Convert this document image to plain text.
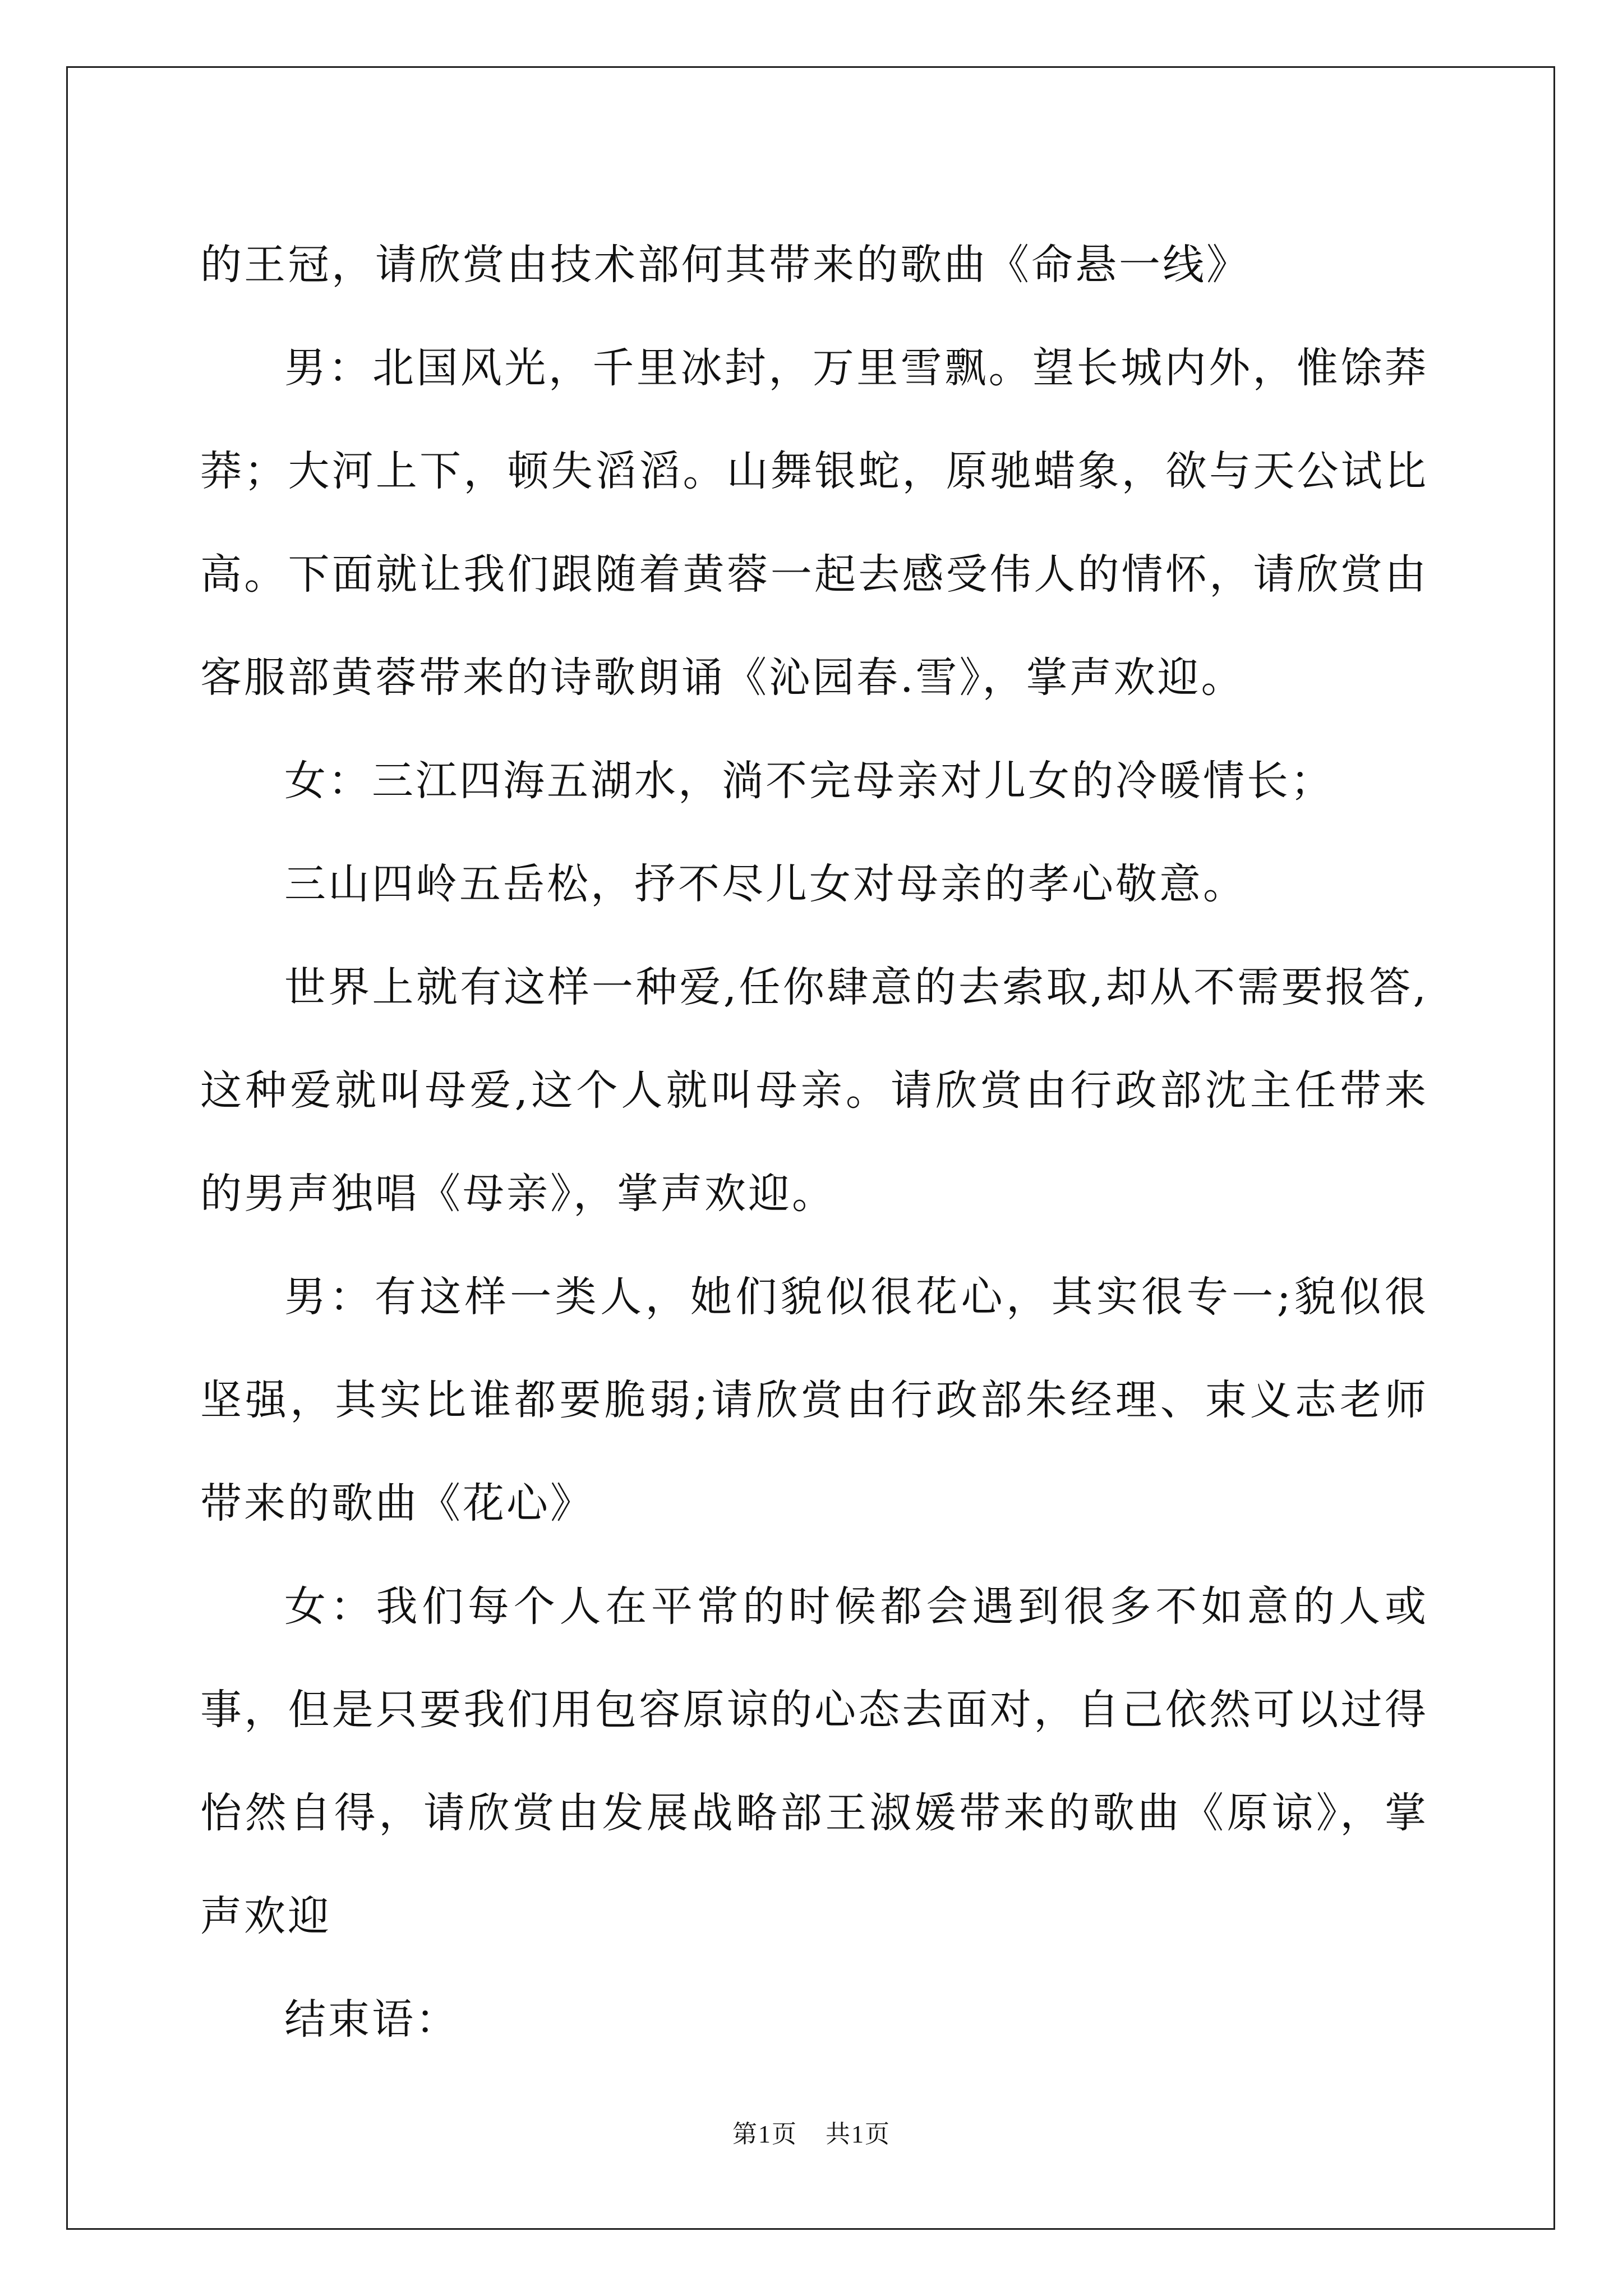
的王冠，请欣赏由技术部何其带来的歌曲《命悬一线》

男：北国风光，千里冰封，万里雪飘。望长城内外，惟馀莽莽；大河上下，顿失滔滔。山舞银蛇，原驰蜡象，欲与天公试比高。下面就让我们跟随着黄蓉一起去感受伟人的情怀，请欣赏由客服部黄蓉带来的诗歌朗诵《沁园春.雪》，掌声欢迎。

女：三江四海五湖水，淌不完母亲对儿女的冷暖情长；

三山四岭五岳松，抒不尽儿女对母亲的孝心敬意。

世界上就有这样一种爱,任你肆意的去索取,却从不需要报答,这种爱就叫母爱,这个人就叫母亲。请欣赏由行政部沈主任带来的男声独唱《母亲》，掌声欢迎。

男：有这样一类人，她们貌似很花心，其实很专一;貌似很坚强，其实比谁都要脆弱;请欣赏由行政部朱经理、束义志老师带来的歌曲《花心》

女：我们每个人在平常的时候都会遇到很多不如意的人或事，但是只要我们用包容原谅的心态去面对，自己依然可以过得怡然自得，请欣赏由发展战略部王淑媛带来的歌曲《原谅》，掌声欢迎

结束语：

第1页 共1页
